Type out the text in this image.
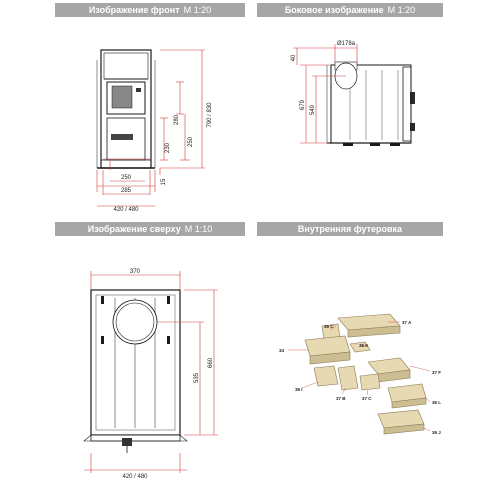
Изображение фронт М 1:20	Боковое изображение М 1:20
Изображение сверху М 1:10	Внутренняя футеровка
790 / 830
280
250
230
15
250
285
420 / 480
Ø178a
40
679 549
370
660
535
420 / 480
36 C
37 A
36 K
34
37 F
36 I
37 B	37 C
36 L
36 J
